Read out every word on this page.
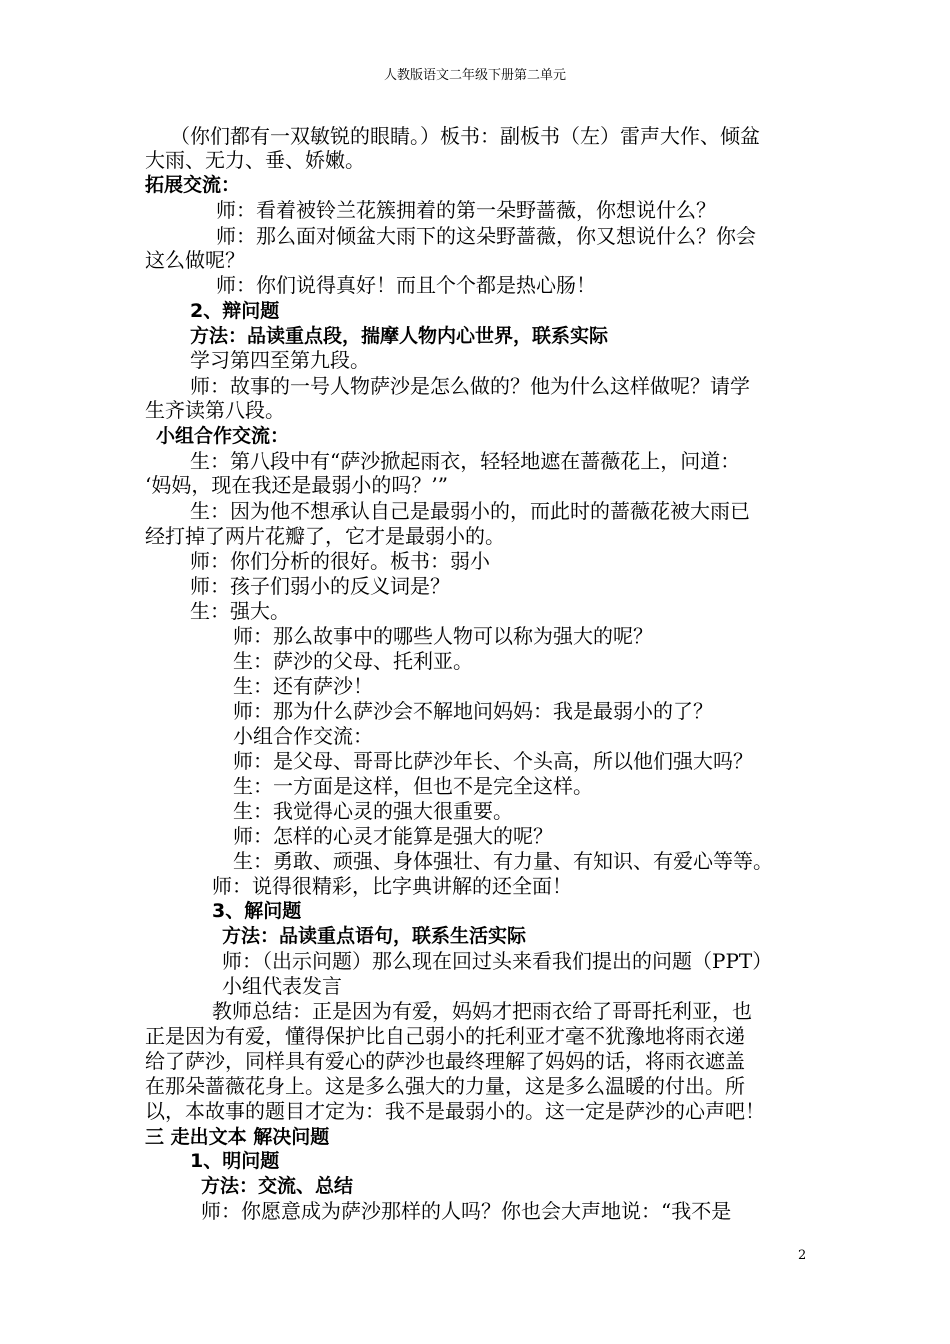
人教版语文二年级下册第二单元
（你们都有一双敏锐的眼睛。）板书：副板书（左）雷声大作、倾盆
大雨、无力、垂、娇嫩。
拓展交流：
师：看着被铃兰花簇拥着的第一朵野蔷薇，你想说什么？
师：那么面对倾盆大雨下的这朵野蔷薇，你又想说什么？你会
这么做呢？
师：你们说得真好！而且个个都是热心肠！
2、辩问题
方法：品读重点段，揣摩人物内心世界，联系实际
学习第四至第九段。
师：故事的一号人物萨沙是怎么做的？他为什么这样做呢？请学
生齐读第八段。
小组合作交流：
生：第八段中有“萨沙掀起雨衣，轻轻地遮在蔷薇花上，问道：
‘妈妈，现在我还是最弱小的吗？’”
生：因为他不想承认自己是最弱小的，而此时的蔷薇花被大雨已
经打掉了两片花瓣了，它才是最弱小的。
师：你们分析的很好。板书：弱小
师：孩子们弱小的反义词是？
生：强大。
师：那么故事中的哪些人物可以称为强大的呢？
生：萨沙的父母、托利亚。
生：还有萨沙！
师：那为什么萨沙会不解地问妈妈：我是最弱小的了？
小组合作交流：
师：是父母、哥哥比萨沙年长、个头高，所以他们强大吗？
生：一方面是这样，但也不是完全这样。
生：我觉得心灵的强大很重要。
师：怎样的心灵才能算是强大的呢？
生：勇敢、顽强、身体强壮、有力量、有知识、有爱心等等。
师：说得很精彩，比字典讲解的还全面！
3、解问题
方法：品读重点语句，联系生活实际
师：（出示问题）那么现在回过头来看我们提出的问题（PPT）
小组代表发言
教师总结：正是因为有爱，妈妈才把雨衣给了哥哥托利亚，也
正是因为有爱，懂得保护比自己弱小的托利亚才毫不犹豫地将雨衣递
给了萨沙，同样具有爱心的萨沙也最终理解了妈妈的话，将雨衣遮盖
在那朵蔷薇花身上。这是多么强大的力量，这是多么温暖的付出。所
以，本故事的题目才定为：我不是最弱小的。这一定是萨沙的心声吧！
三 走出文本 解决问题
1、明问题
方法：交流、总结
师：你愿意成为萨沙那样的人吗？你也会大声地说：“我不是
2
